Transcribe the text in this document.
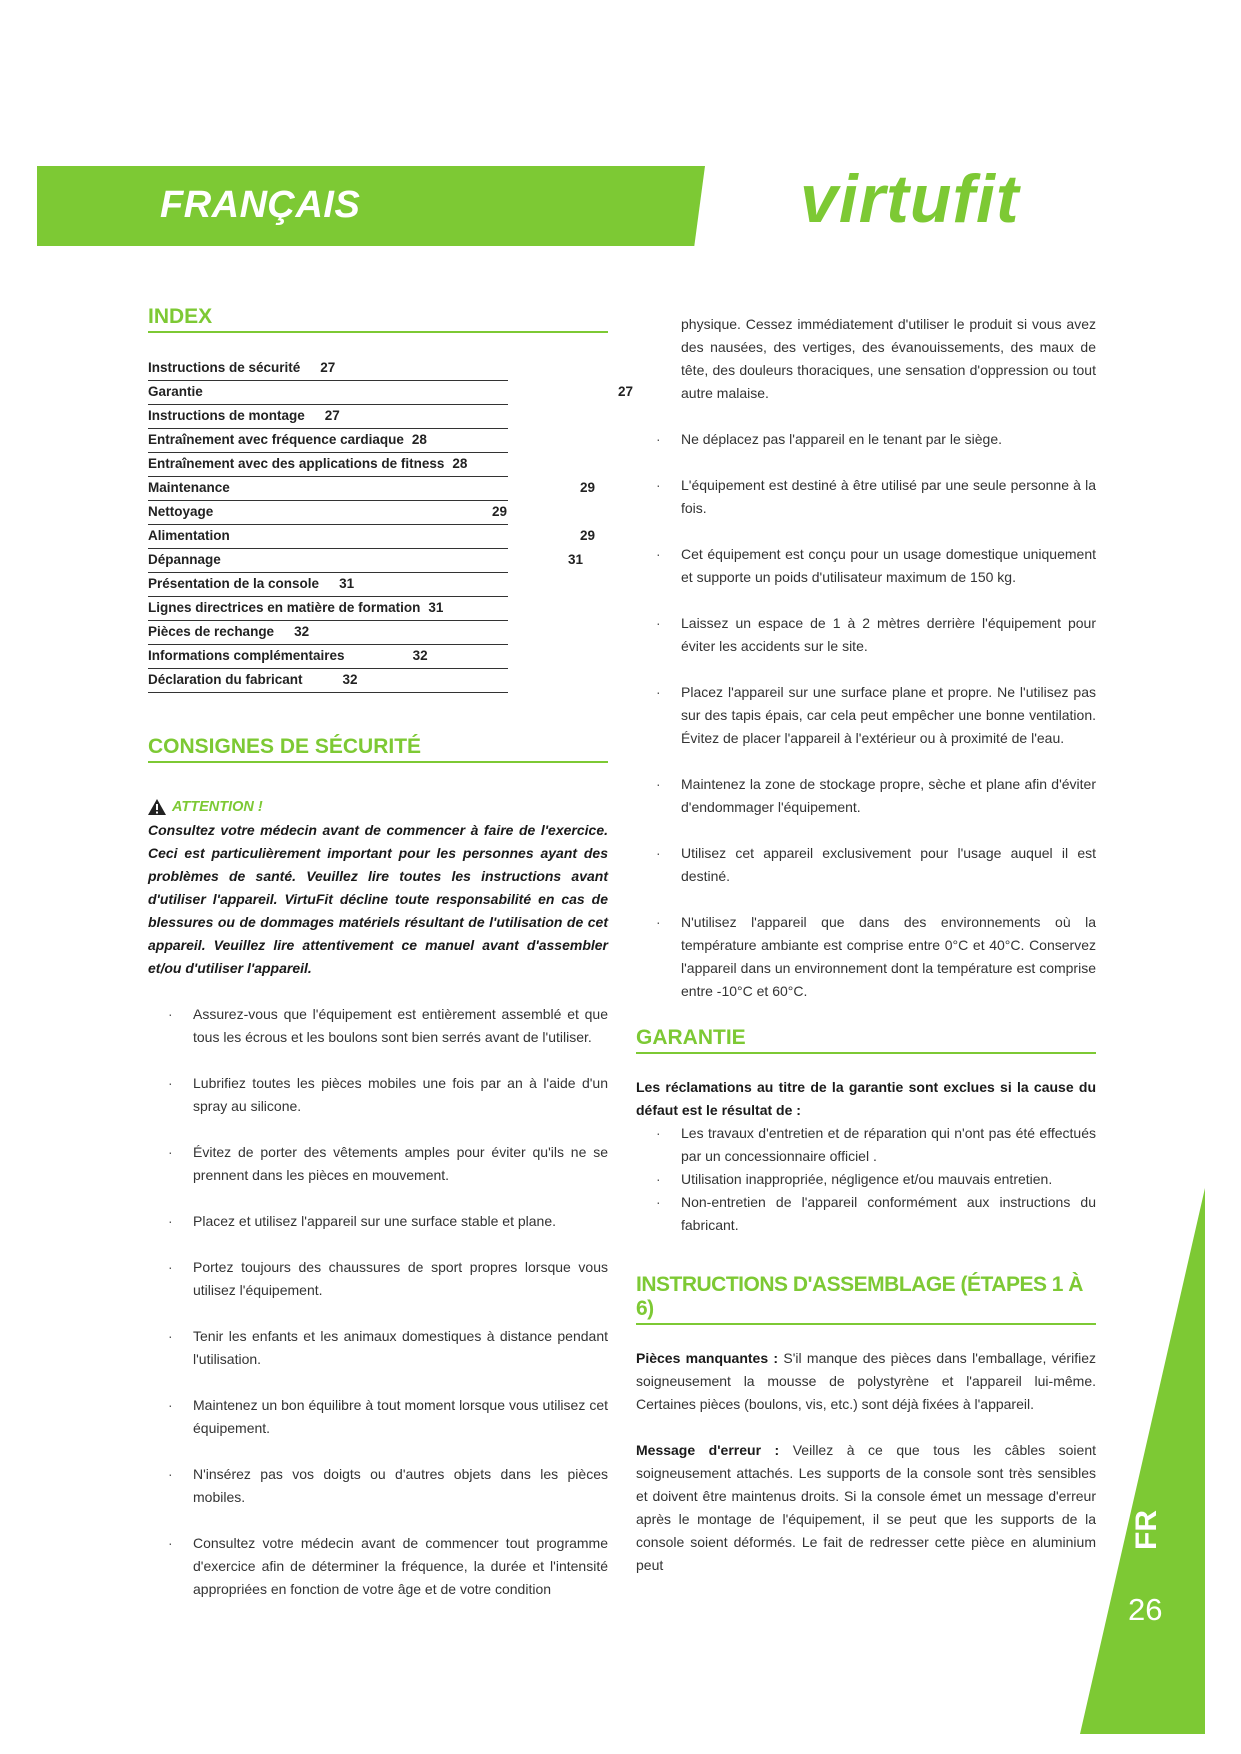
FRANÇAIS	virtufit
INDEX
Instructions de sécurité 27
Garantie	27
Instructions de montage 27
Entraînement avec fréquence cardiaque 28
Entraînement avec des applications de fitness 28
Maintenance	29
Nettoyage	29
Alimentation	29
Dépannage	31
Présentation de la console 31
Lignes directrices en matière de formation 31
Pièces de rechange 32
Informations complémentaires	32
Déclaration du fabricant	32
CONSIGNES DE SÉCURITÉ
ATTENTION !
Consultez votre médecin avant de commencer à faire de l'exercice. Ceci est particulièrement important pour les personnes ayant des problèmes de santé. Veuillez lire toutes les instructions avant d'utiliser l'appareil. VirtuFit décline toute responsabilité en cas de blessures ou de dommages matériels résultant de l'utilisation de cet appareil. Veuillez lire attentivement ce manuel avant d'assembler et/ou d'utiliser l'appareil.
· Assurez-vous que l'équipement est entièrement assemblé et que tous les écrous et les boulons sont bien serrés avant de l'utiliser.
· Lubrifiez toutes les pièces mobiles une fois par an à l'aide d'un spray au silicone.
· Évitez de porter des vêtements amples pour éviter qu'ils ne se prennent dans les pièces en mouvement.
· Placez et utilisez l'appareil sur une surface stable et plane.
· Portez toujours des chaussures de sport propres lorsque vous utilisez l'équipement.
· Tenir les enfants et les animaux domestiques à distance pendant l'utilisation.
· Maintenez un bon équilibre à tout moment lorsque vous utilisez cet équipement.
· N'insérez pas vos doigts ou d'autres objets dans les pièces mobiles.
· Consultez votre médecin avant de commencer tout programme d'exercice afin de déterminer la fréquence, la durée et l'intensité appropriées en fonction de votre âge et de votre condition

physique. Cessez immédiatement d'utiliser le produit si vous avez des nausées, des vertiges, des évanouissements, des maux de tête, des douleurs thoraciques, une sensation d'oppression ou tout autre malaise.

· Ne déplacez pas l'appareil en le tenant par le siège.
· L'équipement est destiné à être utilisé par une seule personne à la fois.
· Cet équipement est conçu pour un usage domestique uniquement et supporte un poids d'utilisateur maximum de 150 kg.
· Laissez un espace de 1 à 2 mètres derrière l'équipement pour éviter les accidents sur le site.
· Placez l'appareil sur une surface plane et propre. Ne l'utilisez pas sur des tapis épais, car cela peut empêcher une bonne ventilation. Évitez de placer l'appareil à l'extérieur ou à proximité de l'eau.
· Maintenez la zone de stockage propre, sèche et plane afin d'éviter d'endommager l'équipement.
· Utilisez cet appareil exclusivement pour l'usage auquel il est destiné.
· N'utilisez l'appareil que dans des environnements où la température ambiante est comprise entre 0°C et 40°C. Conservez l'appareil dans un environnement dont la température est comprise entre -10°C et 60°C.
GARANTIE

Les réclamations au titre de la garantie sont exclues si la cause du défaut est le résultat de :

· Les travaux d'entretien et de réparation qui n'ont pas été effectués par un concessionnaire officiel .
· Utilisation inappropriée, négligence et/ou mauvais entretien.
· Non-entretien de l'appareil conformément aux instructions du fabricant.
INSTRUCTIONS D'ASSEMBLAGE (ÉTAPES 1 À 6)

Pièces manquantes : S'il manque des pièces dans l'emballage, vérifiez soigneusement la mousse de polystyrène et l'appareil lui-même. Certaines pièces (boulons, vis, etc.) sont déjà fixées à l'appareil.

Message d'erreur : Veillez à ce que tous les câbles soient soigneusement attachés. Les supports de la console sont très sensibles et doivent être maintenus droits. Si la console émet un message d'erreur après le montage de l'équipement, il se peut que les supports de la console soient déformés. Le fait de redresser cette pièce en aluminium peut

FR
26
